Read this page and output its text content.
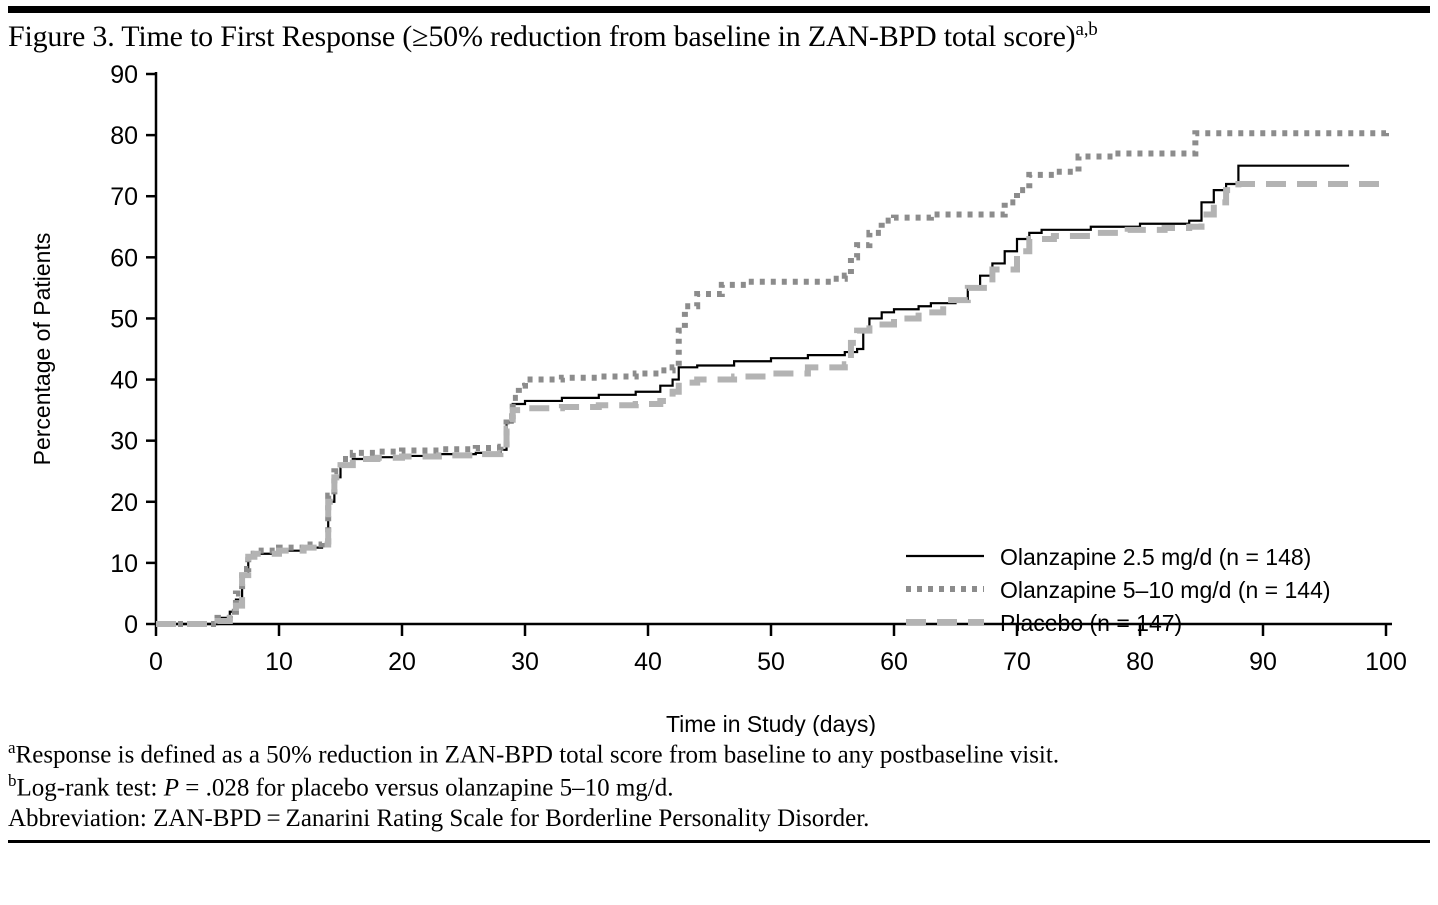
Figure 3. Time to First Response (≥50% reduction from baseline in ZAN-BPD total score)$^{a,b}$
0
10
20
30
40
50
60
70
80
90
0	10	20	30	40	50	60	70	80	90	100
Olanzapine 2.5 mg/d (n = 148)
Olanzapine 5–10 mg/d (n = 144)
Placebo (n = 147)
Time in Study (days)
Percentage of Patients
$^a$Response is defined as a 50% reduction in ZAN-BPD total score from baseline to any postbaseline visit.
$^b$Log-rank test: P = .028 for placebo versus olanzapine 5–10 mg/d.
Abbreviation: ZAN-BPD = Zanarini Rating Scale for Borderline Personality Disorder.
